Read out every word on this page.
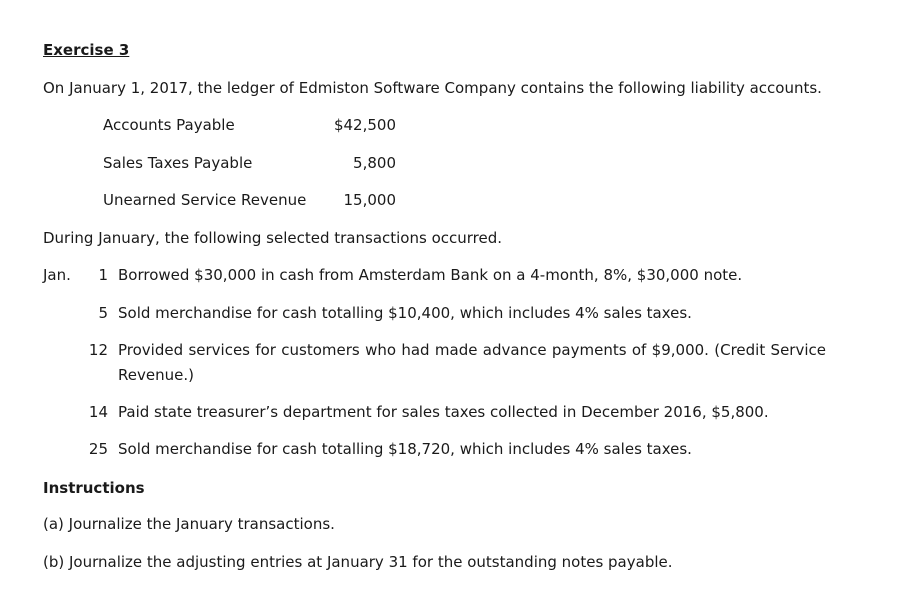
Exercise 3
On January 1, 2017, the ledger of Edmiston Software Company contains the following liability accounts.
Accounts Payable	$42,500
Sales Taxes Payable	5,800
Unearned Service Revenue	15,000
During January, the following selected transactions occurred.
Jan.	1 Borrowed $30,000 in cash from Amsterdam Bank on a 4-month, 8%, $30,000 note.
5 Sold merchandise for cash totalling $10,400, which includes 4% sales taxes.
12 Provided services for customers who had made advance payments of $9,000. (Credit Service Revenue.)
14 Paid state treasurer’s department for sales taxes collected in December 2016, $5,800.
25 Sold merchandise for cash totalling $18,720, which includes 4% sales taxes.
Instructions
(a) Journalize the January transactions.
(b) Journalize the adjusting entries at January 31 for the outstanding notes payable.
